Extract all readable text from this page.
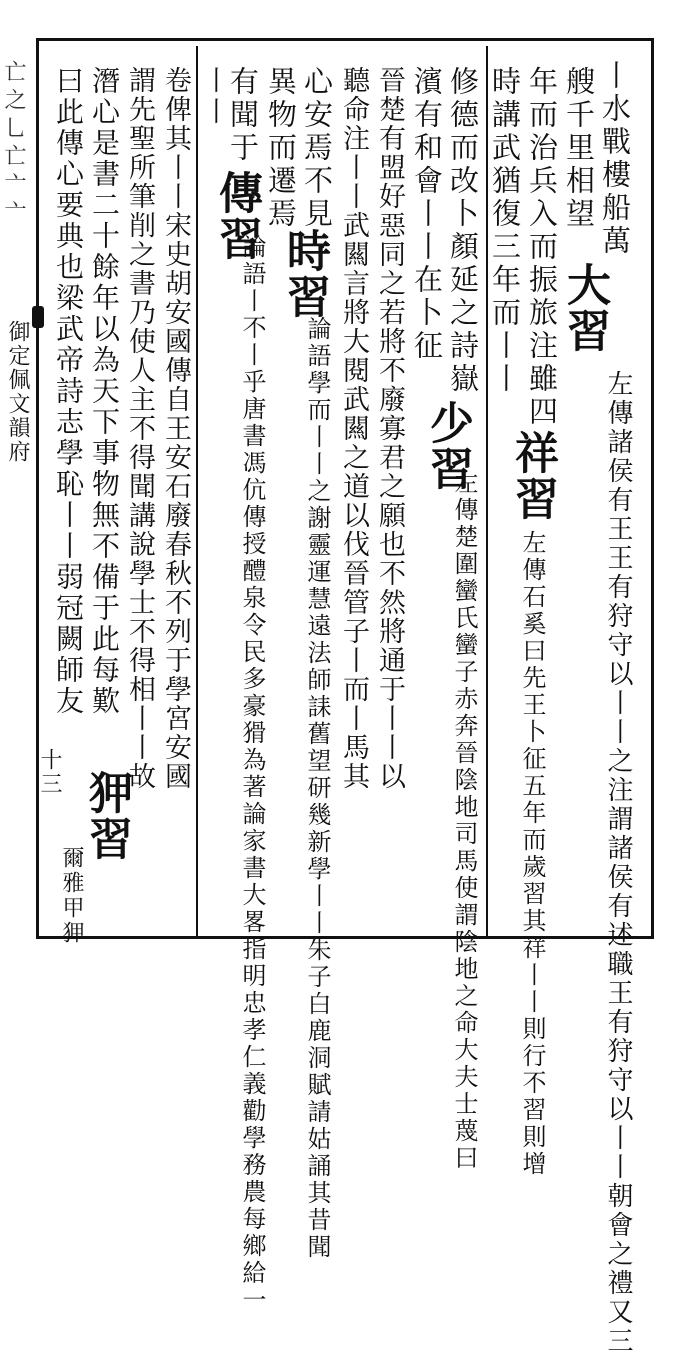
亡之乚亡亠亠
御定佩文韻府
十三
丨水戰樓船萬
艘千里相望
大習
左傳諸侯有王王有狩守以丨丨之注謂諸侯有述職王有狩守以丨丨朝會之禮又三
年而治兵入而振旅注雖四
時講武猶復三年而丨丨
祥習
左傳石奚曰先王卜征五年而歲習其祥丨丨則行不習則增
修德而改卜顏延之詩嶽
濱有和會丨丨在卜征
少習
左傳楚圍蠻氏蠻子赤奔晉陰地司馬使謂陰地之命大夫士蔑曰
晉楚有盟好惡同之若將不廢寡君之願也不然將通于丨丨以
聽命注丨丨武闗言將大閱武闗之道以伐晉管子丨而丨馬其
心安焉不見
異物而遷焉
時習
論語學而丨丨之謝靈運慧遠法師誄舊望研幾新學丨丨朱子白鹿洞賦請姑誦其昔聞
有聞于
傳習
論語丨不丨乎唐書馮伉傳授醴泉令民多豪猾為著論家書大畧指明忠孝仁義勸學務農每鄉給一
丨丨
卷俾其丨丨宋史胡安國傳自王安石廢春秋不列于學宮安國
謂先聖所筆削之書乃使人主不得聞講說學士不得相丨丨故
潛心是書二十餘年以為天下事物無不備于此每歎
曰此傳心要典也梁武帝詩志學恥丨丨弱冠闕師友
狎習
爾雅甲狎
